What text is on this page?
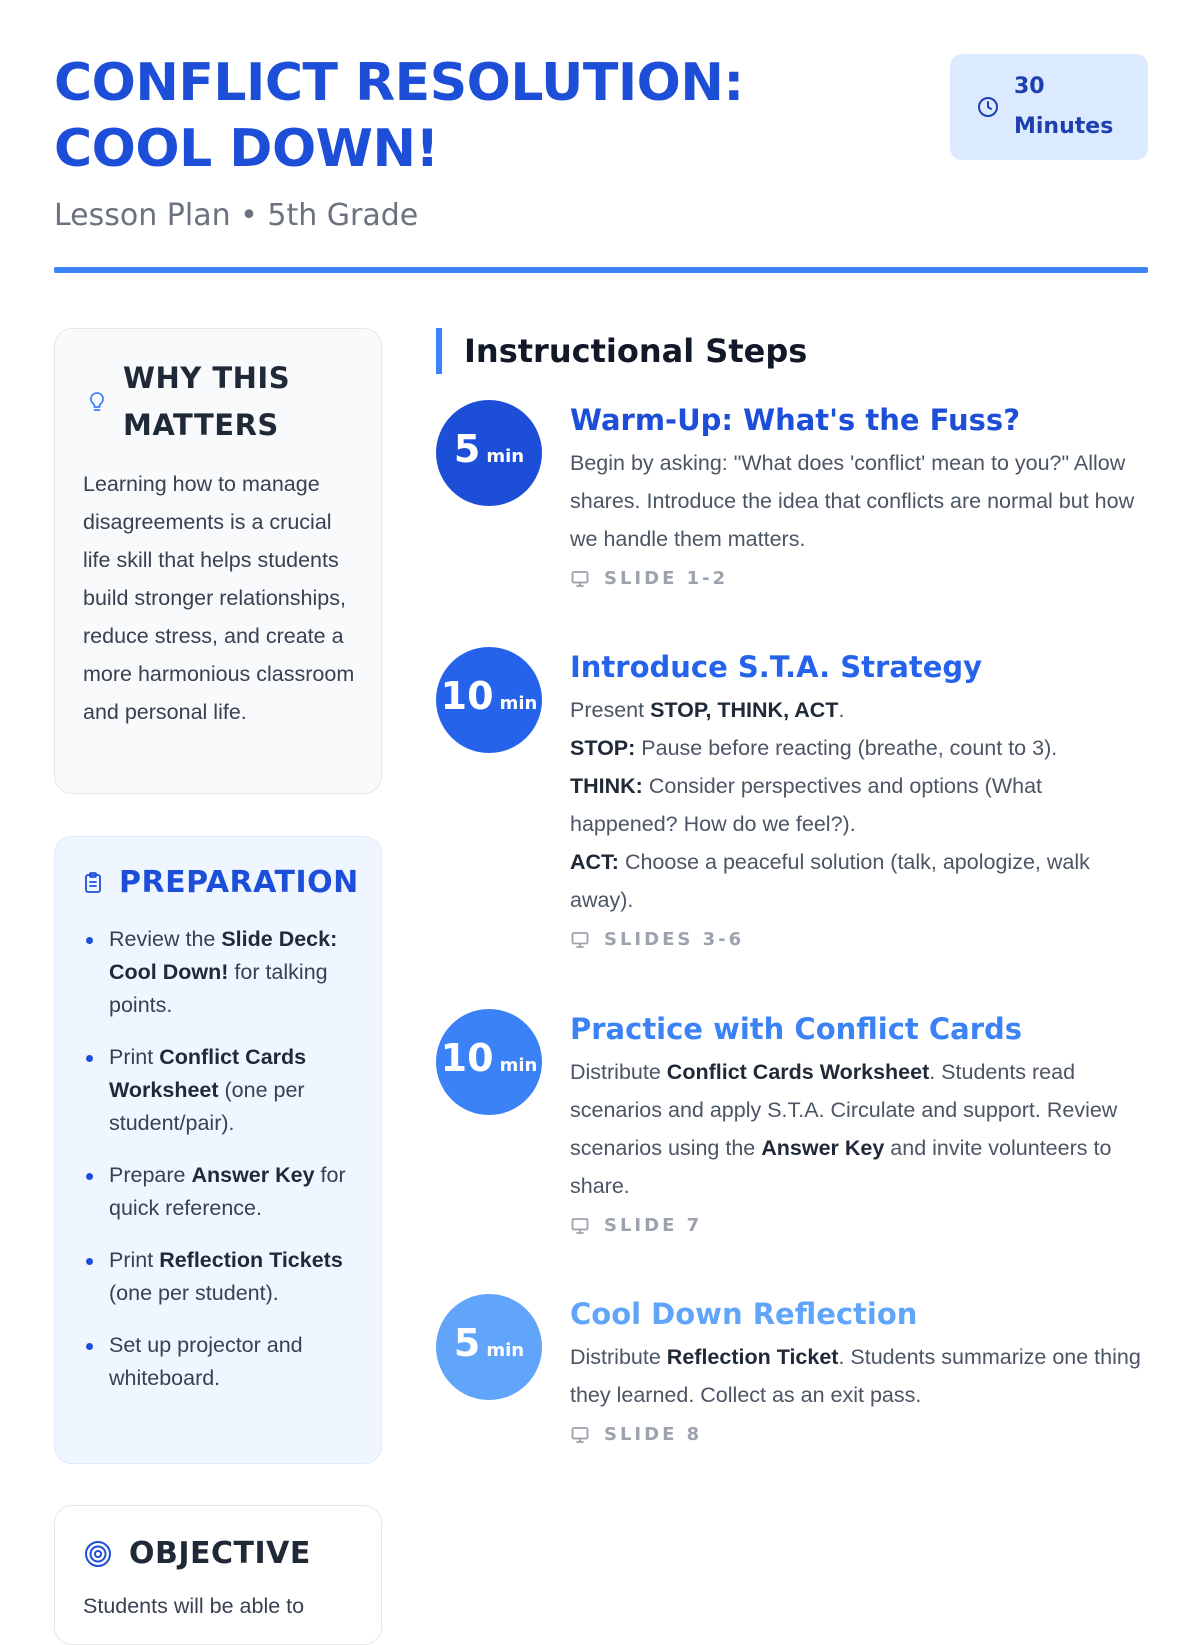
CONFLICT RESOLUTION:
COOL DOWN!
Lesson Plan • 5th Grade
30
Minutes
WHY THIS
MATTERS

Learning how to manage disagreements is a crucial life skill that helps students build stronger relationships, reduce stress, and create a more harmonious classroom and personal life.

PREPARATION
Review the Slide Deck: Cool Down! for talking points.
Print Conflict Cards Worksheet (one per student/pair).
Prepare Answer Key for quick reference.
Print Reflection Tickets (one per student).
Set up projector and whiteboard.
OBJECTIVE
Students will be able to
Instructional Steps
5 min
Warm-Up: What's the Fuss?

Begin by asking: "What does 'conflict' mean to you?" Allow shares. Introduce the idea that conflicts are normal but how we handle them matters.

SLIDE 1-2
10 min
Introduce S.T.A. Strategy
Present STOP, THINK, ACT.
STOP: Pause before reacting (breathe, count to 3).
THINK: Consider perspectives and options (What happened? How do we feel?).
ACT: Choose a peaceful solution (talk, apologize, walk away).
SLIDES 3-6
10 min
Practice with Conflict Cards

Distribute Conflict Cards Worksheet. Students read scenarios and apply S.T.A. Circulate and support. Review scenarios using the Answer Key and invite volunteers to share.

SLIDE 7
5 min
Cool Down Reflection

Distribute Reflection Ticket. Students summarize one thing they learned. Collect as an exit pass.

SLIDE 8
